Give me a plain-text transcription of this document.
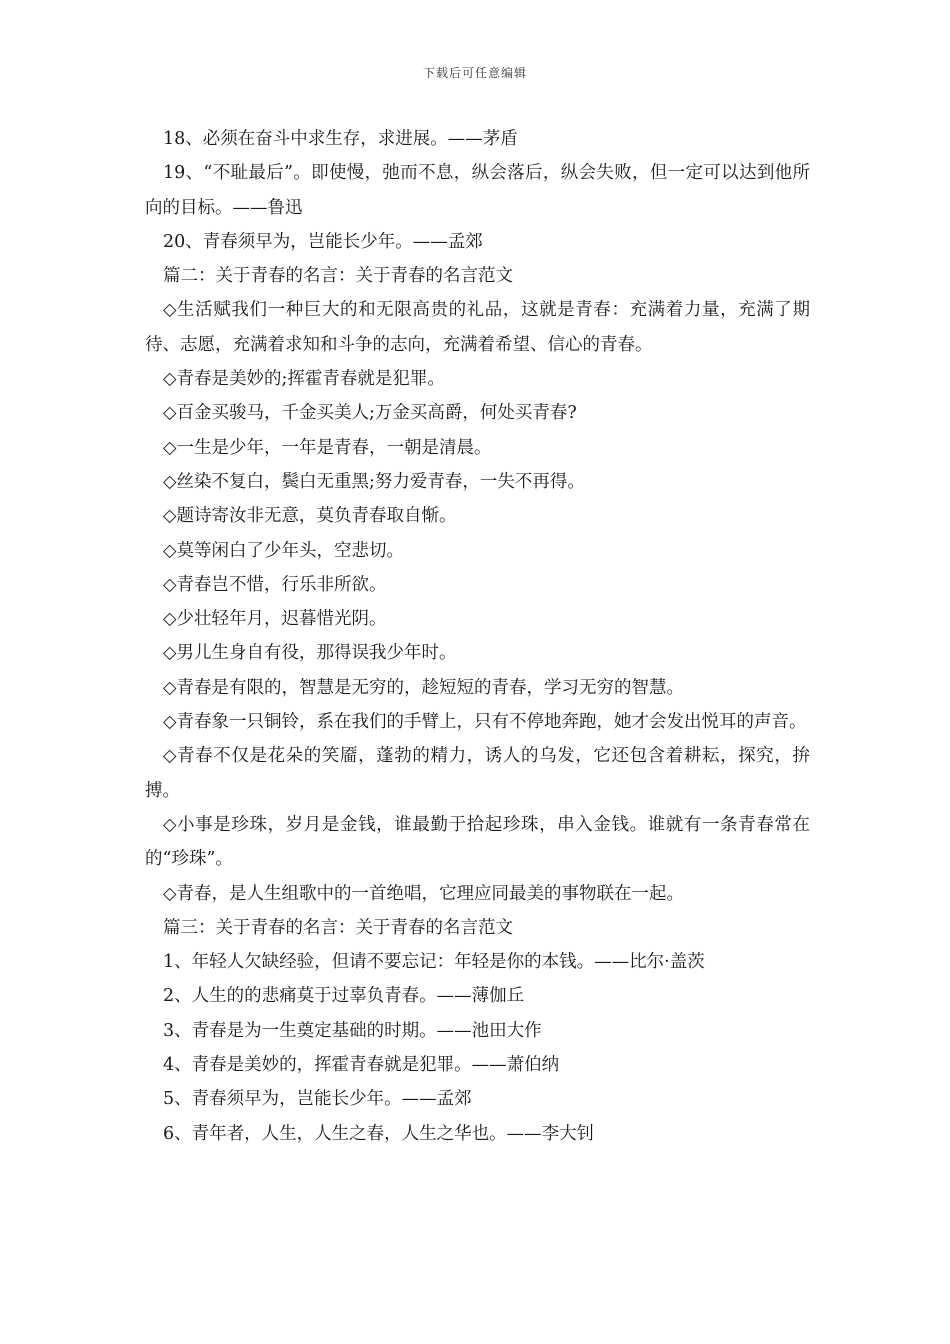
下载后可任意编辑

18、必须在奋斗中求生存，求进展。——茅盾

19、“不耻最后”。即使慢，弛而不息，纵会落后，纵会失败，但一定可以达到他所向的目标。——鲁迅

20、青春须早为，岂能长少年。——孟郊

篇二：关于青春的名言：关于青春的名言范文

◇生活赋我们一种巨大的和无限高贵的礼品，这就是青春：充满着力量，充满了期待、志愿，充满着求知和斗争的志向，充满着希望、信心的青春。

◇青春是美妙的;挥霍青春就是犯罪。

◇百金买骏马，千金买美人;万金买高爵，何处买青春?

◇一生是少年，一年是青春，一朝是清晨。

◇丝染不复白，鬓白无重黑;努力爱青春，一失不再得。

◇题诗寄汝非无意，莫负青春取自惭。

◇莫等闲白了少年头，空悲切。

◇青春岂不惜，行乐非所欲。

◇少壮轻年月，迟暮惜光阴。

◇男儿生身自有役，那得误我少年时。

◇青春是有限的，智慧是无穷的，趁短短的青春，学习无穷的智慧。

◇青春象一只铜铃，系在我们的手臂上，只有不停地奔跑，她才会发出悦耳的声音。

◇青春不仅是花朵的笑靥，蓬勃的精力，诱人的乌发，它还包含着耕耘，探究，拚搏。

◇小事是珍珠，岁月是金钱，谁最勤于拾起珍珠，串入金钱。谁就有一条青春常在的“珍珠”。

◇青春，是人生组歌中的一首绝唱，它理应同最美的事物联在一起。

篇三：关于青春的名言：关于青春的名言范文

1、年轻人欠缺经验，但请不要忘记：年轻是你的本钱。——比尔·盖茨

2、人生的的悲痛莫于过辜负青春。——薄伽丘

3、青春是为一生奠定基础的时期。——池田大作

4、青春是美妙的，挥霍青春就是犯罪。——萧伯纳

5、青春须早为，岂能长少年。——孟郊

6、青年者，人生，人生之春，人生之华也。——李大钊
